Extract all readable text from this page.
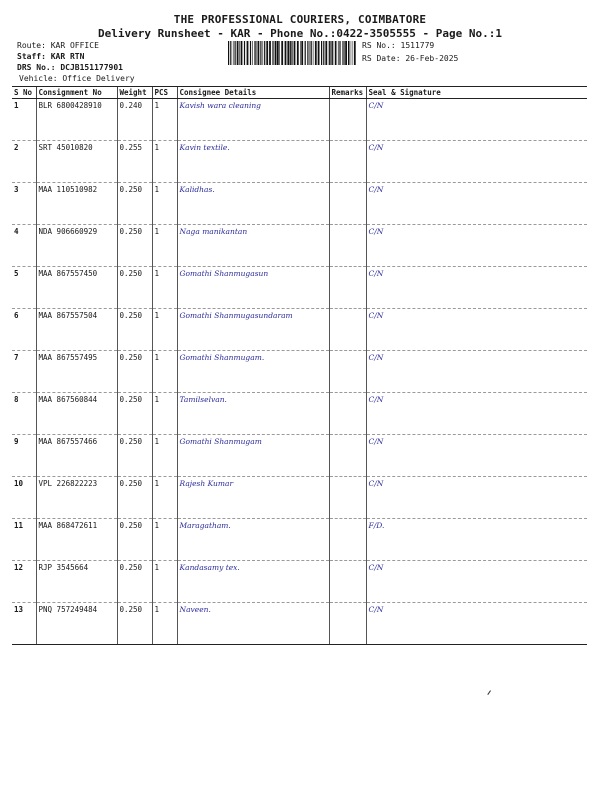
THE PROFESSIONAL COURIERS, COIMBATORE
Delivery Runsheet - KAR - Phone No.:0422-3505555 - Page No.:1
Route: KAR OFFICE
Staff: KAR RTN
DRS No.: DCJB151177901
Vehicle: Office Delivery
RS No.: 1511779
RS Date: 26-Feb-2025
S No	Consignment No	Weight	PCS	Consignee Details	Remarks	Seal & Signature
1	BLR 6800428910	0.240	1	Kavish wara cleaning		C/N
2	SRT 45010820	0.255	1	Kavin textile.		C/N
3	MAA 110510982	0.250	1	Kalidhas.		C/N
4	NDA 906660929	0.250	1	Naga manikantan		C/N
5	MAA 867557450	0.250	1	Gomathi Shanmugasun		C/N
6	MAA 867557504	0.250	1	Gomathi Shanmugasundaram		C/N
7	MAA 867557495	0.250	1	Gomathi Shanmugam.		C/N
8	MAA 867560844	0.250	1	Tamilselvan.		C/N
9	MAA 867557466	0.250	1	Gomathi Shanmugam		C/N
10	VPL 226822223	0.250	1	Rajesh Kumar		C/N
11	MAA 868472611	0.250	1	Maragatham.		F/D.
12	RJP 3545664	0.250	1	Kandasamy tex.		C/N
13	PNQ 757249484	0.250	1	Naveen.		C/N
